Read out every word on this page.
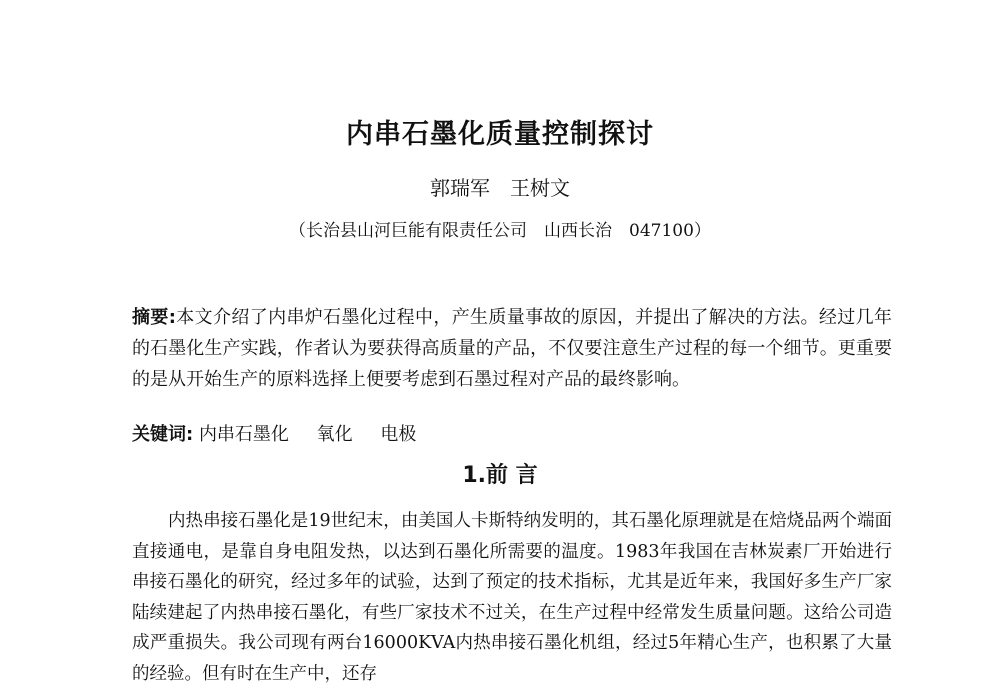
内串石墨化质量控制探讨
郭瑞军　王树文
（长治县山河巨能有限责任公司　山西长治　047100）
摘要:本文介绍了内串炉石墨化过程中，产生质量事故的原因，并提出了解决的方法。经过几年的石墨化生产实践，作者认为要获得高质量的产品，不仅要注意生产过程的每一个细节。更重要的是从开始生产的原料选择上便要考虑到石墨过程对产品的最终影响。
关键词: 内串石墨化 氧化 电极
1.前 言
内热串接石墨化是19世纪末，由美国人卡斯特纳发明的，其石墨化原理就是在焙烧品两个端面直接通电，是靠自身电阻发热，以达到石墨化所需要的温度。1983年我国在吉林炭素厂开始进行串接石墨化的研究，经过多年的试验，达到了预定的技术指标，尤其是近年来，我国好多生产厂家陆续建起了内热串接石墨化，有些厂家技术不过关，在生产过程中经常发生质量问题。这给公司造成严重损失。我公司现有两台16000KVA内热串接石墨化机组，经过5年精心生产，也积累了大量的经验。但有时在生产中，还存
